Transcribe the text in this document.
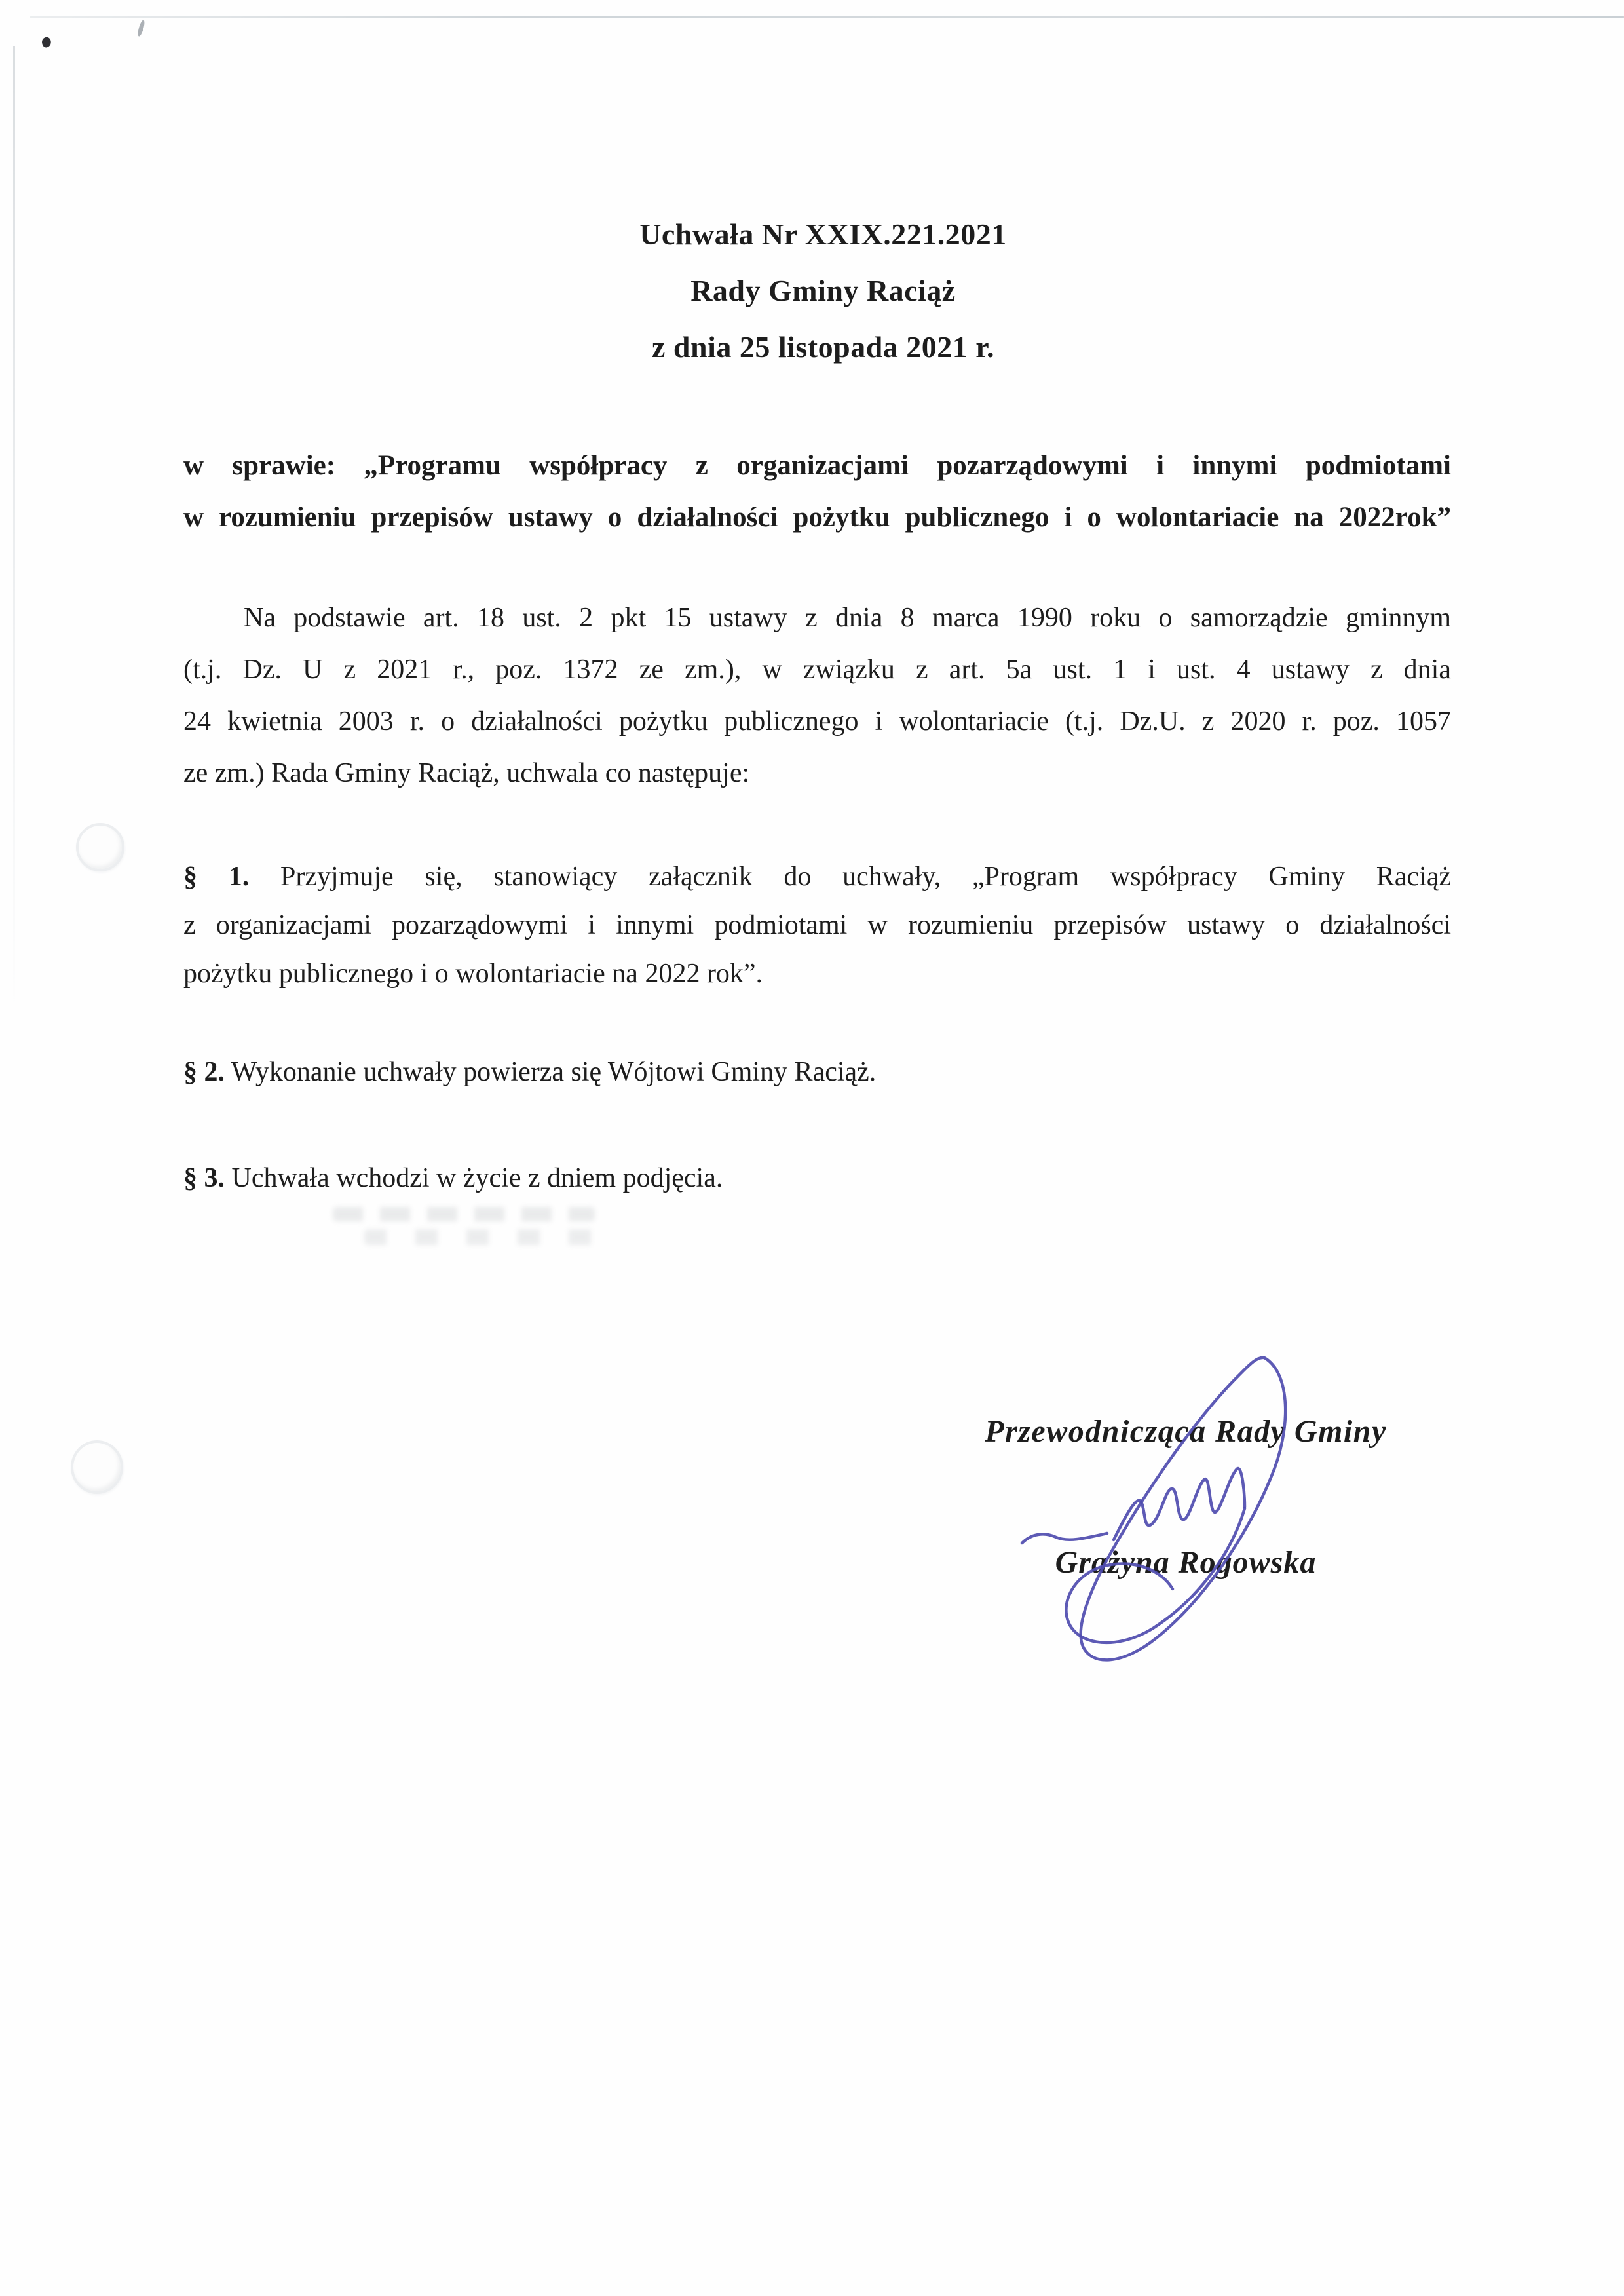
Uchwała Nr XXIX.221.2021
Rady Gminy Raciąż
z dnia 25 listopada 2021 r.
w sprawie: „Programu współpracy z organizacjami pozarządowymi i innymi podmiotami
w rozumieniu przepisów ustawy o działalności pożytku publicznego i o wolontariacie na 2022rok”
Na podstawie art. 18 ust. 2 pkt 15 ustawy z dnia 8 marca 1990 roku o samorządzie gminnym
(t.j. Dz. U z 2021 r., poz. 1372 ze zm.), w związku z art. 5a ust. 1 i ust. 4 ustawy z dnia
24 kwietnia 2003 r. o działalności pożytku publicznego i wolontariacie (t.j. Dz.U. z 2020 r. poz. 1057
ze zm.) Rada Gminy Raciąż, uchwala co następuje:
§ 1. Przyjmuje się, stanowiący załącznik do uchwały, „Program współpracy Gminy Raciąż
z organizacjami pozarządowymi i innymi podmiotami w rozumieniu przepisów ustawy o działalności
pożytku publicznego i o wolontariacie na 2022 rok”.
§ 2. Wykonanie uchwały powierza się Wójtowi Gminy Raciąż.
§ 3. Uchwała wchodzi w życie z dniem podjęcia.
Przewodnicząca Rady Gminy
Grażyna Rogowska
